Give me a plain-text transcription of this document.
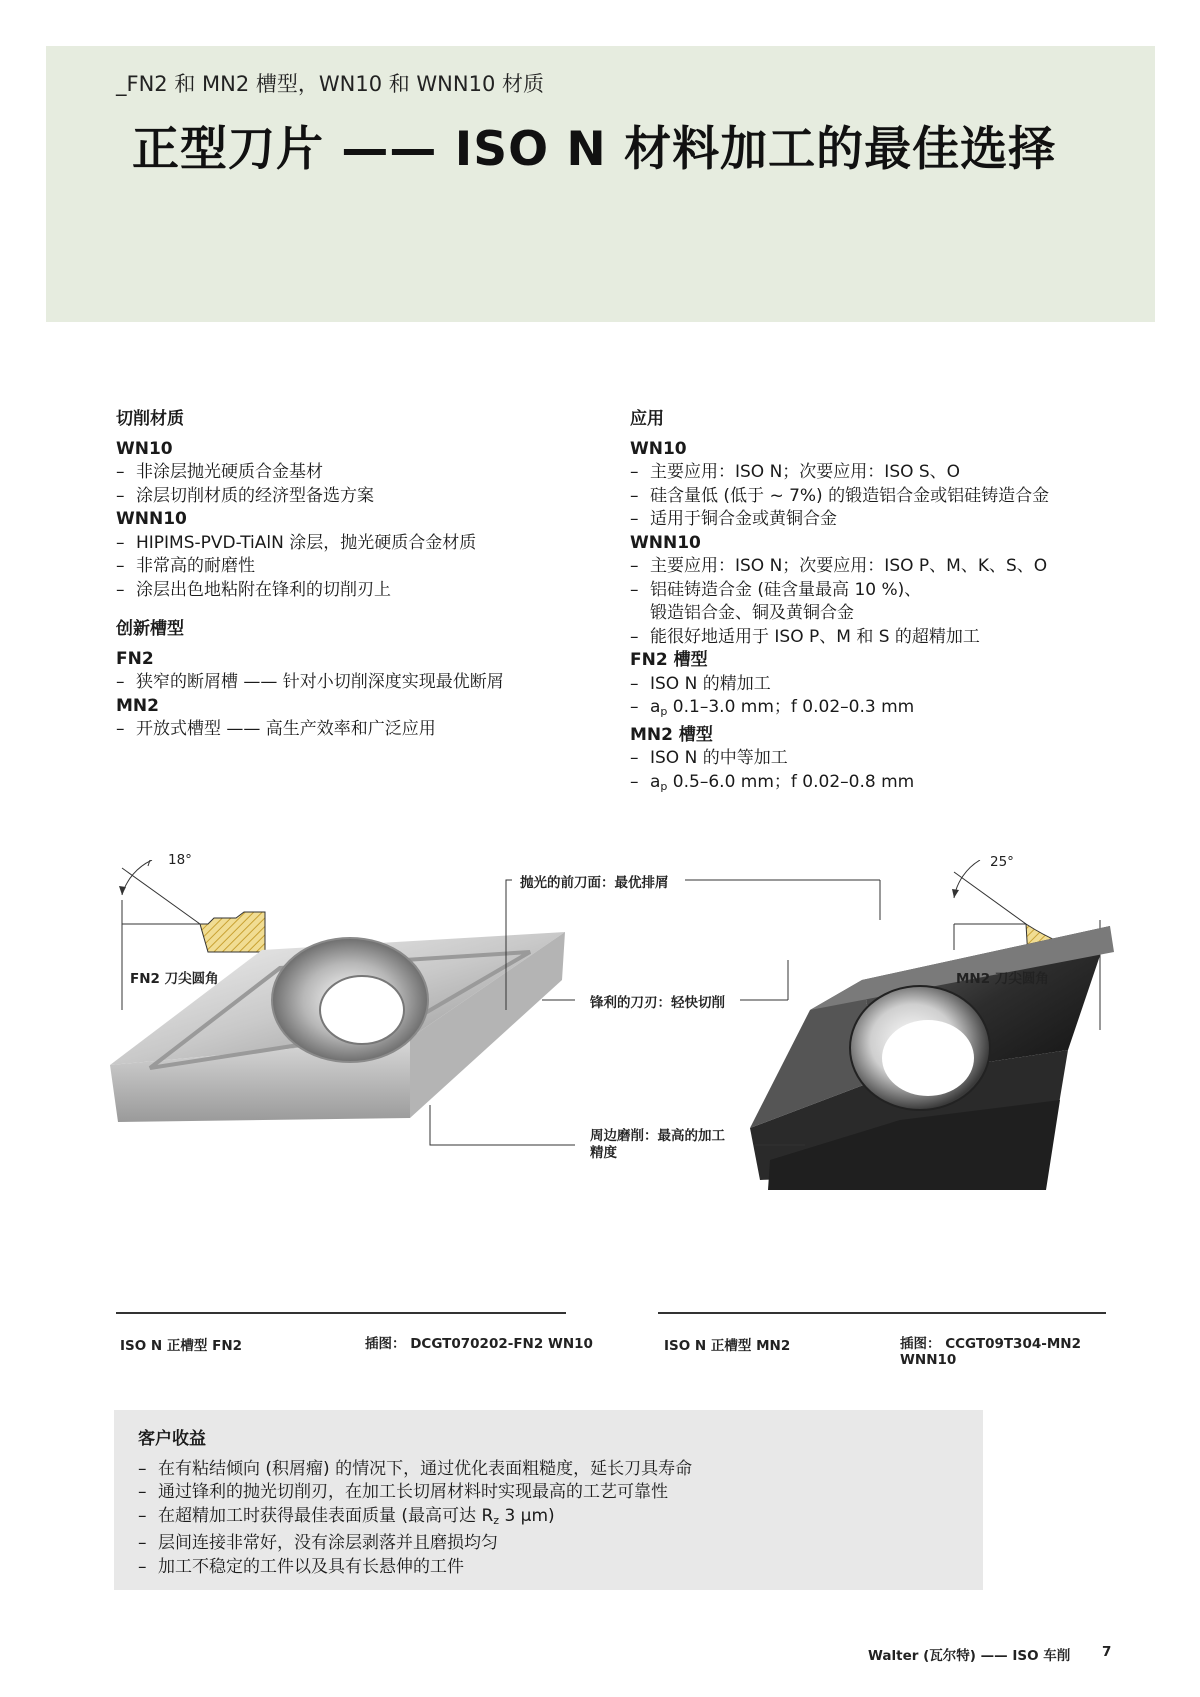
_FN2 和 MN2 槽型，WN10 和 WNN10 材质
正型刀片 —— ISO N 材料加工的最佳选择

切削材质

WN10

– 非涂层抛光硬质合金基材

– 涂层切削材质的经济型备选方案

WNN10

– HIPIMS-PVD-TiAlN 涂层，抛光硬质合金材质

– 非常高的耐磨性

– 涂层出色地粘附在锋利的切削刃上

创新槽型

FN2

– 狭窄的断屑槽 —— 针对小切削深度实现最优断屑

MN2

– 开放式槽型 —— 高生产效率和广泛应用

应用

WN10

– 主要应用：ISO N；次要应用：ISO S、O

– 硅含量低 (低于 ~ 7%) 的锻造铝合金或铝硅铸造合金

– 适用于铜合金或黄铜合金

WNN10

– 主要应用：ISO N；次要应用：ISO P、M、K、S、O

– 铝硅铸造合金 (硅含量最高 10 %)、
锻造铝合金、铜及黄铜合金

– 能很好地适用于 ISO P、M 和 S 的超精加工

FN2 槽型

– ISO N 的精加工

– $a_p$ 0.1–3.0 mm；f 0.02–0.3 mm

MN2 槽型

– ISO N 的中等加工

– $a_p$ 0.5–6.0 mm；f 0.02–0.8 mm

18°	25°
FN2 刀尖圆角	MN2 刀尖圆角
抛光的前刀面：最优排屑
锋利的刀刃：轻快切削
周边磨削：最高的加工
精度
ISO N 正槽型 FN2	插图： DCGT070202-FN2 WN10	ISO N 正槽型 MN2	插图： CCGT09T304-MN2 WNN10

客户收益

– 在有粘结倾向 (积屑瘤) 的情况下，通过优化表面粗糙度，延长刀具寿命

– 通过锋利的抛光切削刃，在加工长切屑材料时实现最高的工艺可靠性

– 在超精加工时获得最佳表面质量 (最高可达 $R_z$ 3 µm)

– 层间连接非常好，没有涂层剥落并且磨损均匀

– 加工不稳定的工件以及具有长悬伸的工件

Walter (瓦尔特) —— ISO 车削 7
